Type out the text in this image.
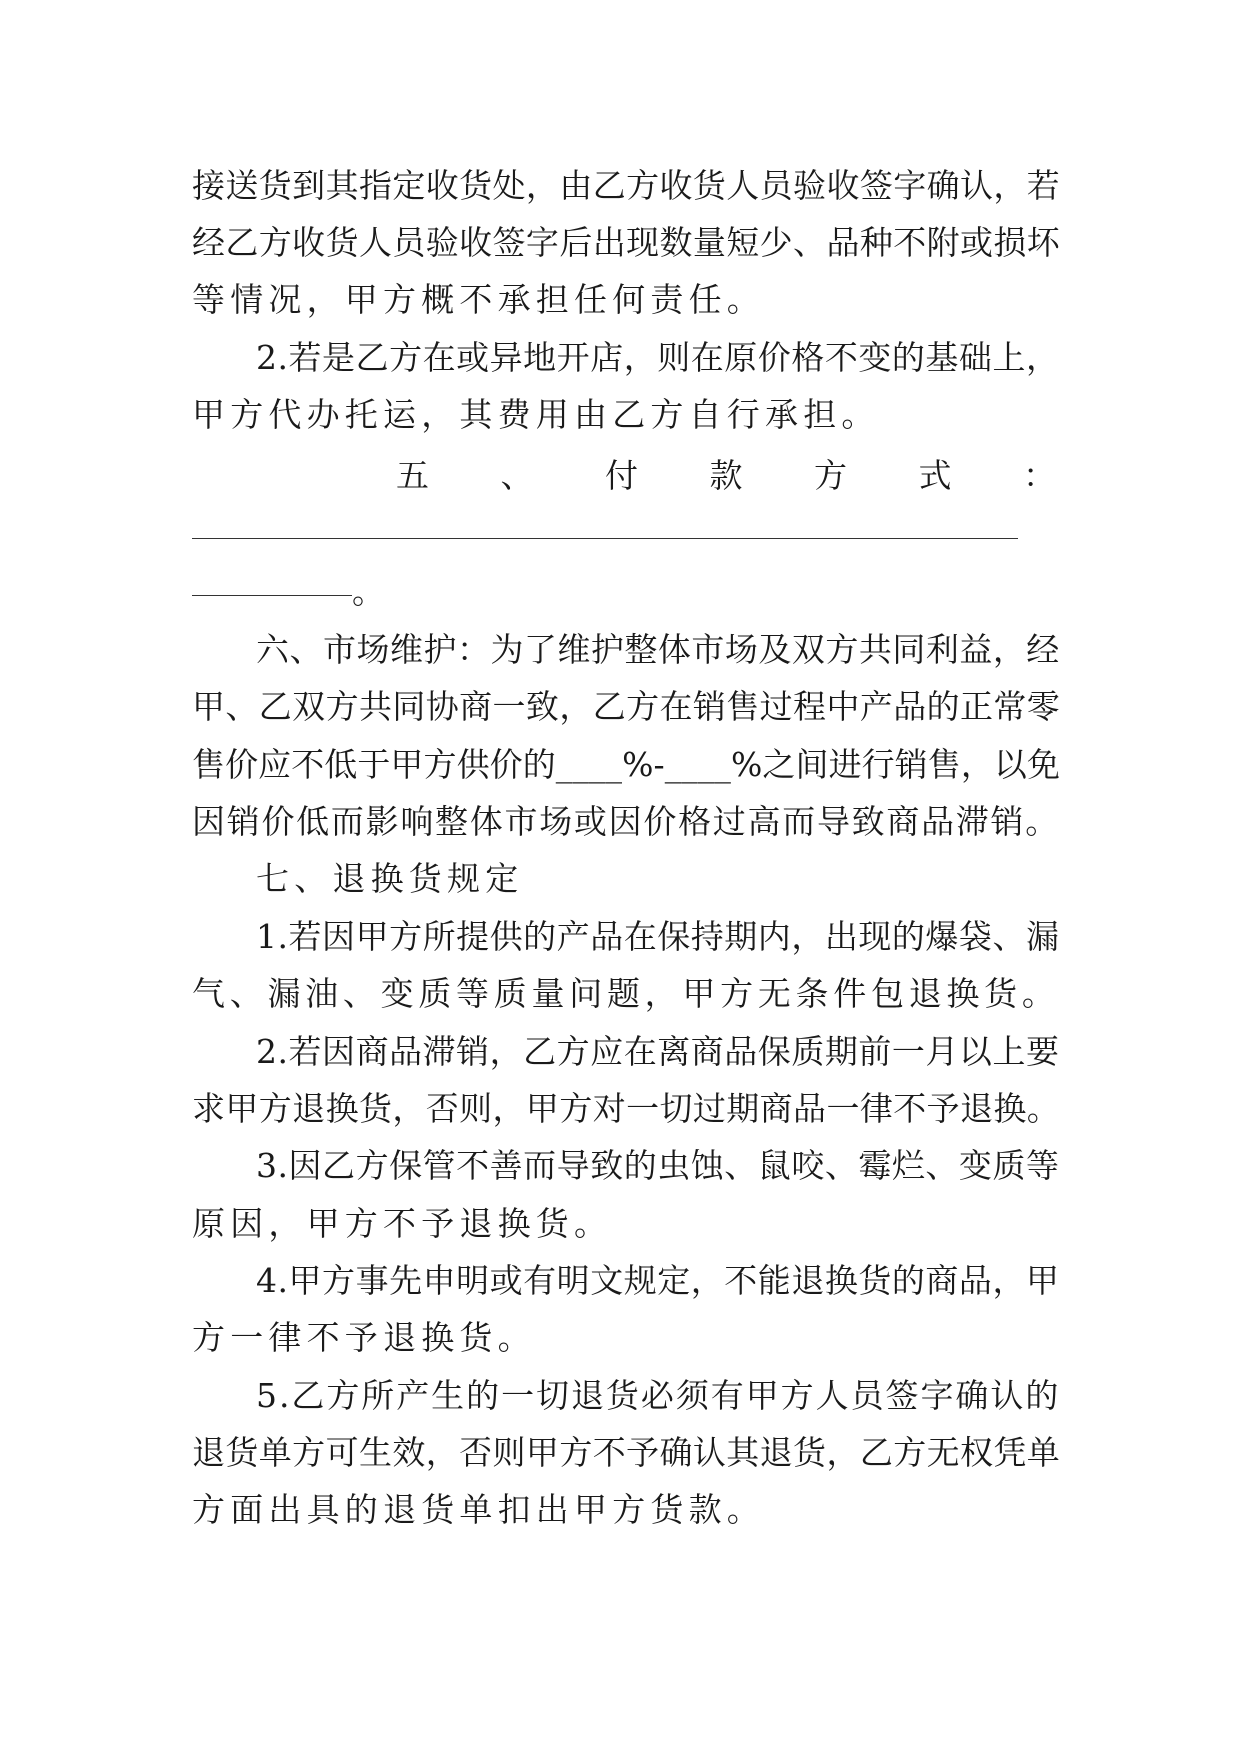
接送货到其指定收货处，由乙方收货人员验收签字确认，若
经乙方收货人员验收签字后出现数量短少、品种不附或损坏
等情况，甲方概不承担任何责任。
2.若是乙方在或异地开店，则在原价格不变的基础上，
甲方代办托运，其费用由乙方自行承担。
五 、 付 款 方 式 ：
。
六、市场维护：为了维护整体市场及双方共同利益，经
甲、乙双方共同协商一致，乙方在销售过程中产品的正常零
售价应不低于甲方供价的____%-____%之间进行销售，以免
因销价低而影响整体市场或因价格过高而导致商品滞销。
七、退换货规定
1.若因甲方所提供的产品在保持期内，出现的爆袋、漏
气、漏油、变质等质量问题，甲方无条件包退换货。
2.若因商品滞销，乙方应在离商品保质期前一月以上要
求甲方退换货，否则，甲方对一切过期商品一律不予退换。
3.因乙方保管不善而导致的虫蚀、鼠咬、霉烂、变质等
原因，甲方不予退换货。
4.甲方事先申明或有明文规定，不能退换货的商品，甲
方一律不予退换货。
5.乙方所产生的一切退货必须有甲方人员签字确认的
退货单方可生效，否则甲方不予确认其退货，乙方无权凭单
方面出具的退货单扣出甲方货款。
